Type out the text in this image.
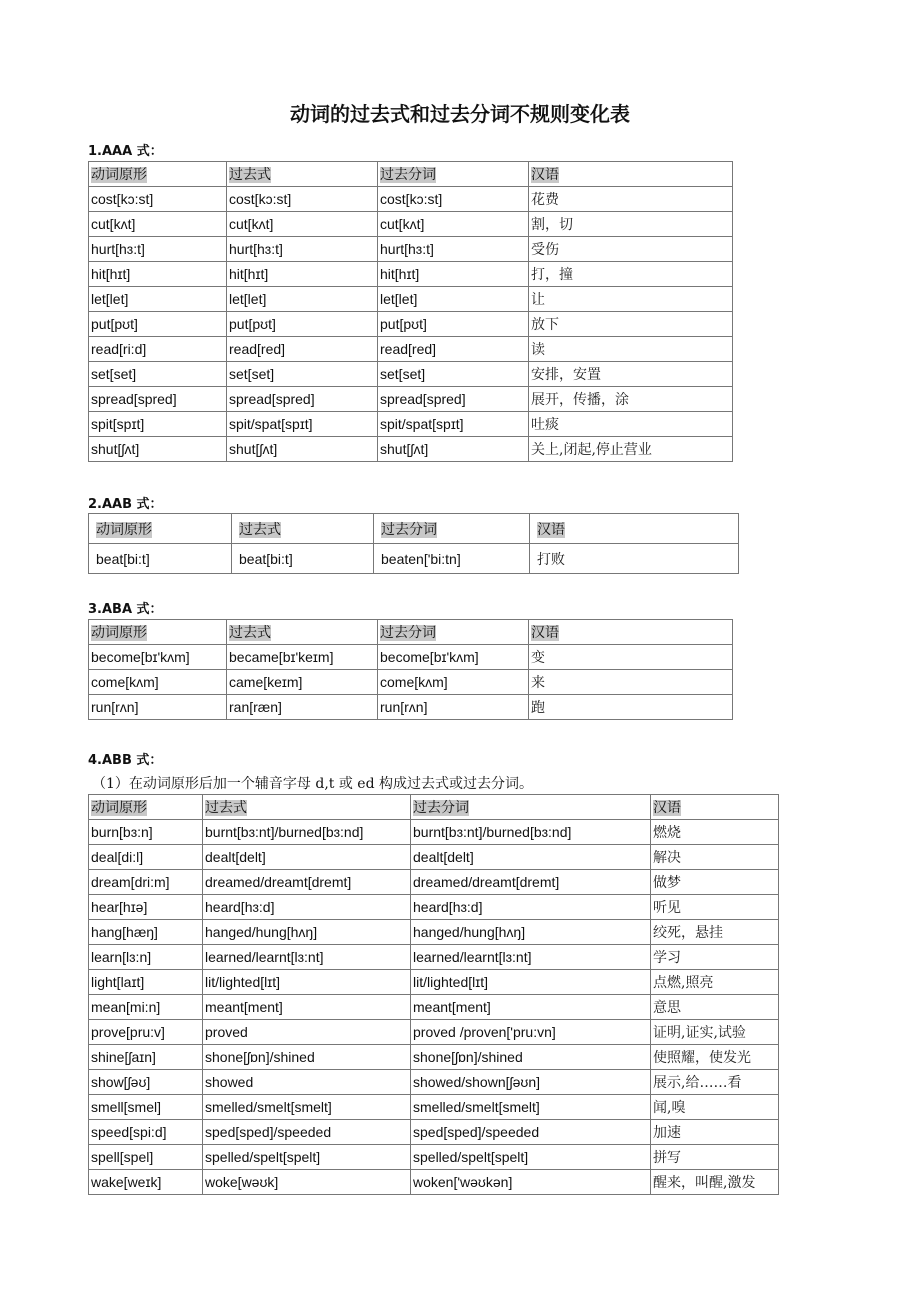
动词的过去式和过去分词不规则变化表
1.AAA 式：
动词原形	过去式	过去分词	汉语
cost[kɔ:st]	cost[kɔ:st]	cost[kɔ:st]	花费
cut[kʌt]	cut[kʌt]	cut[kʌt]	割，切
hurt[hɜ:t]	hurt[hɜ:t]	hurt[hɜ:t]	受伤
hit[hɪt]	hit[hɪt]	hit[hɪt]	打，撞
let[let]	let[let]	let[let]	让
put[pʊt]	put[pʊt]	put[pʊt]	放下
read[ri:d]	read[red]	read[red]	读
set[set]	set[set]	set[set]	安排，安置
spread[spred]	spread[spred]	spread[spred]	展开，传播，涂
spit[spɪt]	spit/spat[spɪt]	spit/spat[spɪt]	吐痰
shut[ʃʌt]	shut[ʃʌt]	shut[ʃʌt]	关上,闭起,停止营业
2.AAB 式：
动词原形	过去式	过去分词	汉语
beat[bi:t]	beat[bi:t]	beaten['bi:tn]	打败
3.ABA 式：
动词原形	过去式	过去分词	汉语
become[bɪ'kʌm]	became[bɪ'keɪm]	become[bɪ'kʌm]	变
come[kʌm]	came[keɪm]	come[kʌm]	来
run[rʌn]	ran[ræn]	run[rʌn]	跑
4.ABB 式：
（1）在动词原形后加一个辅音字母 d,t 或 ed 构成过去式或过去分词。
动词原形	过去式	过去分词	汉语
burn[bɜ:n]	burnt[bɜ:nt]/burned[bɜ:nd]	burnt[bɜ:nt]/burned[bɜ:nd]	燃烧
deal[di:l]	dealt[delt]	dealt[delt]	解决
dream[dri:m]	dreamed/dreamt[dremt]	dreamed/dreamt[dremt]	做梦
hear[hɪə]	heard[hɜ:d]	heard[hɜ:d]	听见
hang[hæŋ]	hanged/hung[hʌŋ]	hanged/hung[hʌŋ]	绞死，悬挂
learn[lɜ:n]	learned/learnt[lɜ:nt]	learned/learnt[lɜ:nt]	学习
light[laɪt]	lit/lighted[lɪt]	lit/lighted[lɪt]	点燃,照亮
mean[mi:n]	meant[ment]	meant[ment]	意思
prove[pru:v]	proved	proved /proven['pru:vn]	证明,证实,试验
shine[ʃaɪn]	shone[ʃɒn]/shined	shone[ʃɒn]/shined	使照耀，使发光
show[ʃəʊ]	showed	showed/shown[ʃəʊn]	展示,给……看
smell[smel]	smelled/smelt[smelt]	smelled/smelt[smelt]	闻,嗅
speed[spi:d]	sped[sped]/speeded	sped[sped]/speeded	加速
spell[spel]	spelled/spelt[spelt]	spelled/spelt[spelt]	拼写
wake[weɪk]	woke[wəʊk]	woken['wəʊkən]	醒来，叫醒,激发
